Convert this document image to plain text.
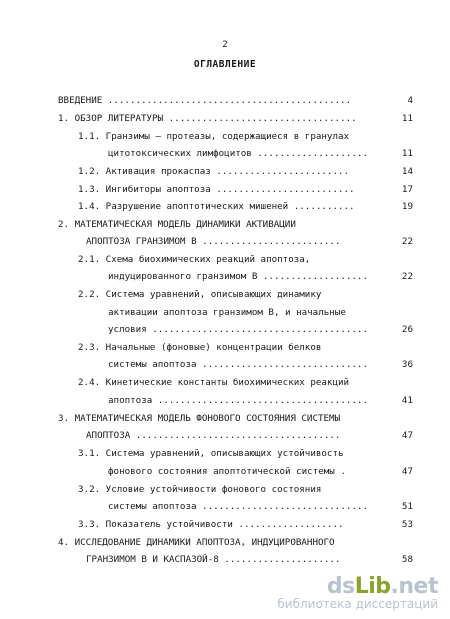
2
ОГЛАВЛЕНИЕ
ВВЕДЕНИЕ ............................................	4
1. ОБЗОР ЛИТЕРАТУРЫ ..................................	11
1.1. Гранзимы — протеазы, содержащиеся в гранулах
цитотоксических лимфоцитов ....................	11
1.2. Активация прокаспаз ........................	14
1.3. Ингибиторы апоптоза .........................	17
1.4. Разрушение апоптотических мишеней ...........	19
2. МАТЕМАТИЧЕСКАЯ МОДЕЛЬ ДИНАМИКИ АКТИВАЦИИ
АПОПТОЗА ГРАНЗИМОМ B .........................	22
2.1. Схема биохимических реакций апоптоза,
индуцированного гранзимом B ...................	22
2.2. Система уравнений, описывающих динамику
активации апоптоза гранзимом B, и начальные
условия .......................................	26
2.3. Начальные (фоновые) концентрации белков
системы апоптоза ..............................	36
2.4. Кинетические константы биохимических реакций
апоптоза ......................................	41
3. МАТЕМАТИЧЕСКАЯ МОДЕЛЬ ФОНОВОГО СОСТОЯНИЯ СИСТЕМЫ
АПОПТОЗА .....................................	47
3.1. Система уравнений, описывающих устойчивость
фонового состояния апоптотической системы .	47
3.2. Условие устойчивости фонового состояния
системы апоптоза ..............................	51
3.3. Показатель устойчивости ...................	53
4. ИССЛЕДОВАНИЕ ДИНАМИКИ АПОПТОЗА, ИНДУЦИРОВАННОГО
ГРАНЗИМОМ B И КАСПАЗОЙ-8 .....................	58
dsLib.net
библиотека диссертаций
